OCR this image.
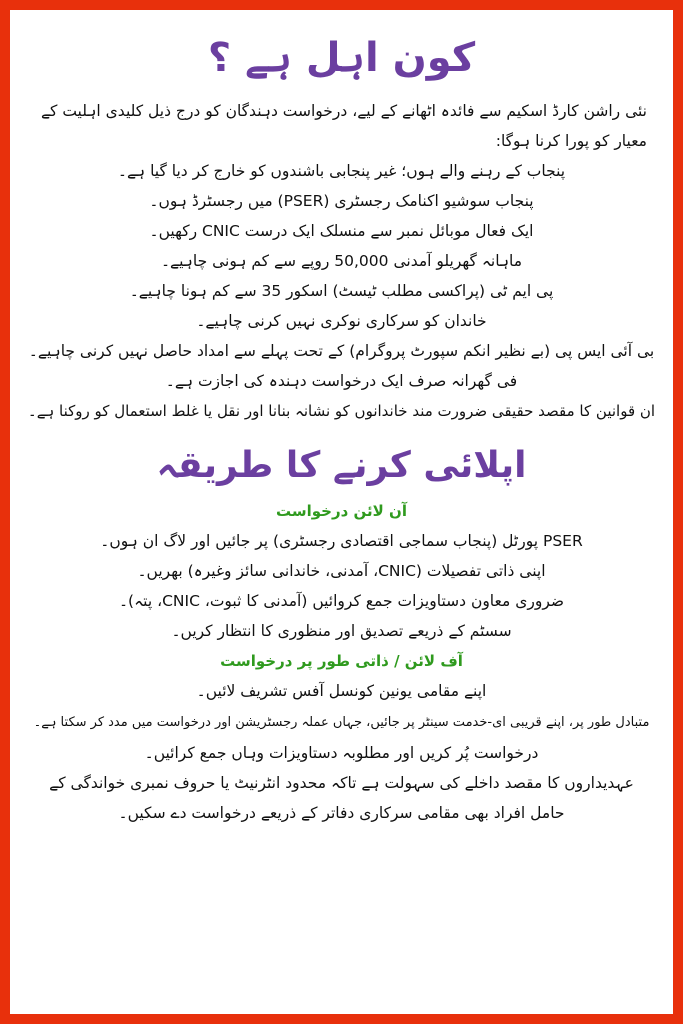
کون اہل ہے ؟

نئی راشن کارڈ اسکیم سے فائدہ اٹھانے کے لیے، درخواست دہندگان کو درج ذیل کلیدی اہلیت کے معیار کو پورا کرنا ہوگا:

پنجاب کے رہنے والے ہوں؛ غیر پنجابی باشندوں کو خارج کر دیا گیا ہے۔

پنجاب سوشیو اکنامک رجسٹری (PSER) میں رجسٹرڈ ہوں۔

ایک فعال موبائل نمبر سے منسلک ایک درست CNIC رکھیں۔

ماہانہ گھریلو آمدنی 50,000 روپے سے کم ہونی چاہیے۔

پی ایم ٹی (پراکسی مطلب ٹیسٹ) اسکور 35 سے کم ہونا چاہیے۔

خاندان کو سرکاری نوکری نہیں کرنی چاہیے۔

بی آئی ایس پی (بے نظیر انکم سپورٹ پروگرام) کے تحت پہلے سے امداد حاصل نہیں کرنی چاہیے۔

فی گھرانہ صرف ایک درخواست دہندہ کی اجازت ہے۔

ان قوانین کا مقصد حقیقی ضرورت مند خاندانوں کو نشانہ بنانا اور نقل یا غلط استعمال کو روکنا ہے۔

اپلائی کرنے کا طریقہ

آن لائن درخواست

PSER پورٹل (پنجاب سماجی اقتصادی رجسٹری) پر جائیں اور لاگ ان ہوں۔

اپنی ذاتی تفصیلات (CNIC، آمدنی، خاندانی سائز وغیرہ) بھریں۔

ضروری معاون دستاویزات جمع کروائیں (آمدنی کا ثبوت، CNIC، پتہ)۔

سسٹم کے ذریعے تصدیق اور منظوری کا انتظار کریں۔

آف لائن / ذاتی طور پر درخواست

اپنے مقامی یونین کونسل آفس تشریف لائیں۔

متبادل طور پر، اپنے قریبی ای-خدمت سینٹر پر جائیں، جہاں عملہ رجسٹریشن اور درخواست میں مدد کر سکتا ہے۔

درخواست پُر کریں اور مطلوبہ دستاویزات وہاں جمع کرائیں۔

عہدیداروں کا مقصد داخلے کی سہولت ہے تاکہ محدود انٹرنیٹ یا حروف نمبری خواندگی کے حامل افراد بھی مقامی سرکاری دفاتر کے ذریعے درخواست دے سکیں۔
